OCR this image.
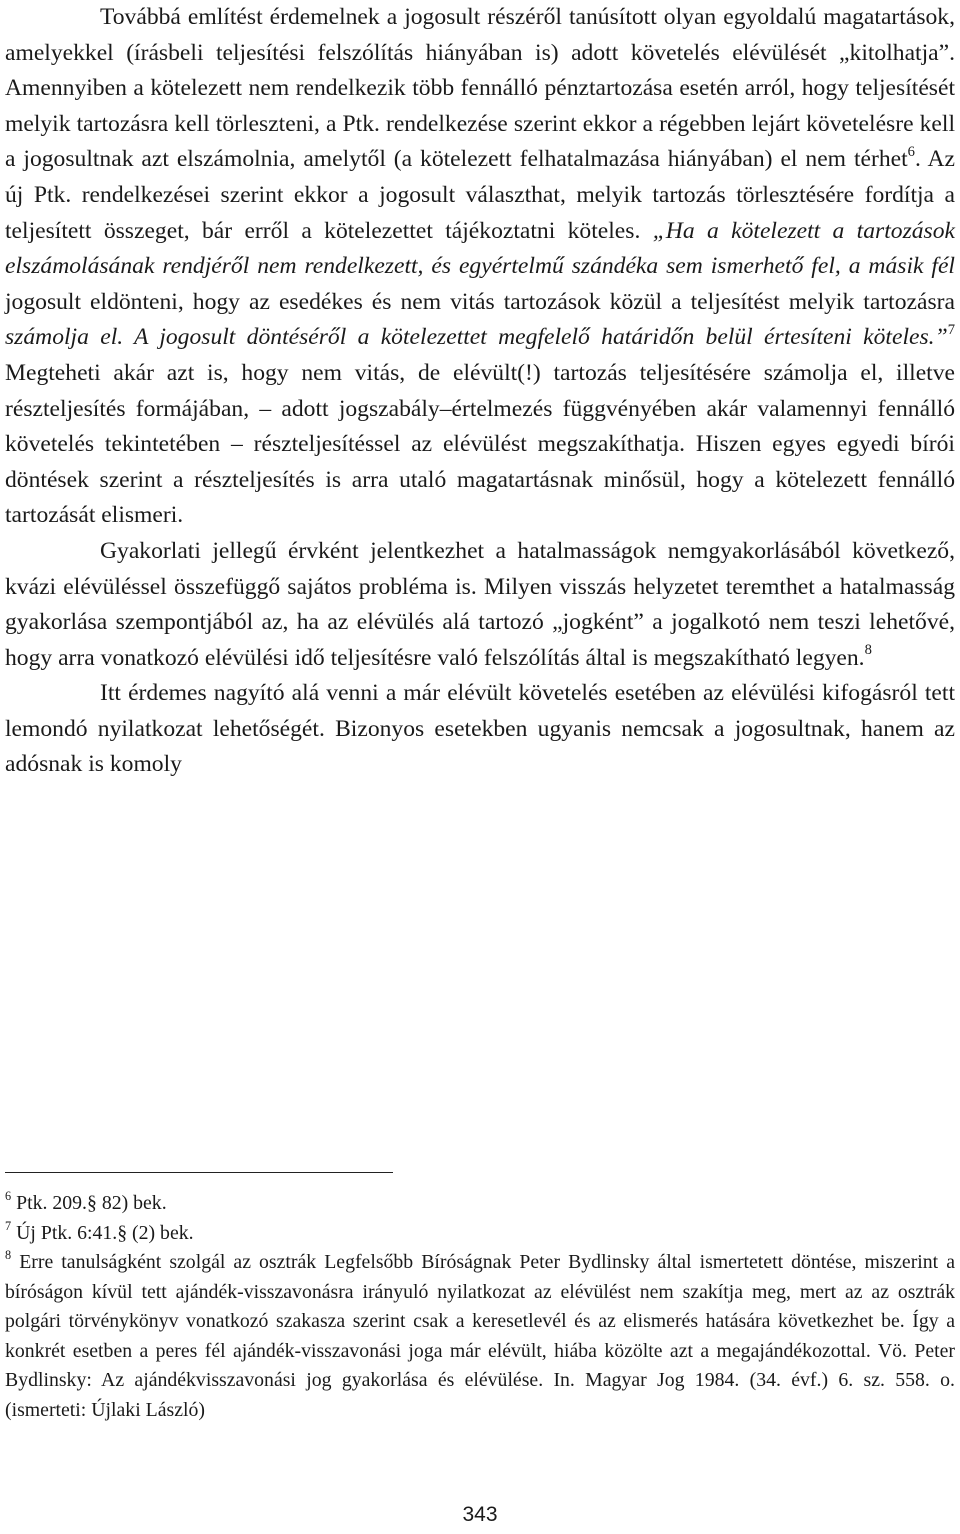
Továbbá említést érdemelnek a jogosult részéről tanúsított olyan egyoldalú magatartások, amelyekkel (írásbeli teljesítési felszólítás hiányában is) adott követelés elévülését „kitolhatja”. Amennyiben a kötelezett nem rendelkezik több fennálló pénztartozása esetén arról, hogy teljesítését melyik tartozásra kell törleszteni, a Ptk. rendelkezése szerint ekkor a régebben lejárt követelésre kell a jogosultnak azt elszámolnia, amelytől (a kötelezett felhatalmazása hiányában) el nem térhet$^6$. Az új Ptk. rendelkezései szerint ekkor a jogosult választhat, melyik tartozás törlesztésére fordítja a teljesített összeget, bár erről a kötelezettet tájékoztatni köteles. „Ha a kötelezett a tartozások elszámolásának rendjéről nem rendelkezett, és egyértelmű szándéka sem ismerhető fel, a másik fél jogosult eldönteni, hogy az esedékes és nem vitás tartozások közül a teljesítést melyik tartozásra számolja el. A jogosult döntéséről a kötelezettet megfelelő határidőn belül értesíteni köteles.”$^7$ Megteheti akár azt is, hogy nem vitás, de elévült(!) tartozás teljesítésére számolja el, illetve részteljesítés formájában, – adott jogszabály–értelmezés függvényében akár valamennyi fennálló követelés tekintetében – részteljesítéssel az elévülést megszakíthatja. Hiszen egyes egyedi bírói döntések szerint a részteljesítés is arra utaló magatartásnak minősül, hogy a kötelezett fennálló tartozását elismeri.

Gyakorlati jellegű érvként jelentkezhet a hatalmasságok nemgyakorlásából következő, kvázi elévüléssel összefüggő sajátos probléma is. Milyen visszás helyzetet teremthet a hatalmasság gyakorlása szempontjából az, ha az elévülés alá tartozó „jogként” a jogalkotó nem teszi lehetővé, hogy arra vonatkozó elévülési idő teljesítésre való felszólítás által is megszakítható legyen.$^8$

Itt érdemes nagyító alá venni a már elévült követelés esetében az elévülési kifogásról tett lemondó nyilatkozat lehetőségét. Bizonyos esetekben ugyanis nemcsak a jogosultnak, hanem az adósnak is komoly

$^6$ Ptk. 209.§ 82) bek.

$^7$ Új Ptk. 6:41.§ (2) bek.

$^8$ Erre tanulságként szolgál az osztrák Legfelsőbb Bíróságnak Peter Bydlinsky által ismertetett döntése, miszerint a bíróságon kívül tett ajándék-visszavonásra irányuló nyilatkozat az elévülést nem szakítja meg, mert az az osztrák polgári törvénykönyv vonatkozó szakasza szerint csak a keresetlevél és az elismerés hatására következhet be. Így a konkrét esetben a peres fél ajándék-visszavonási joga már elévült, hiába közölte azt a megajándékozottal. Vö. Peter Bydlinsky: Az ajándékvisszavonási jog gyakorlása és elévülése. In. Magyar Jog 1984. (34. évf.) 6. sz. 558. o. (ismerteti: Újlaki László)

343
